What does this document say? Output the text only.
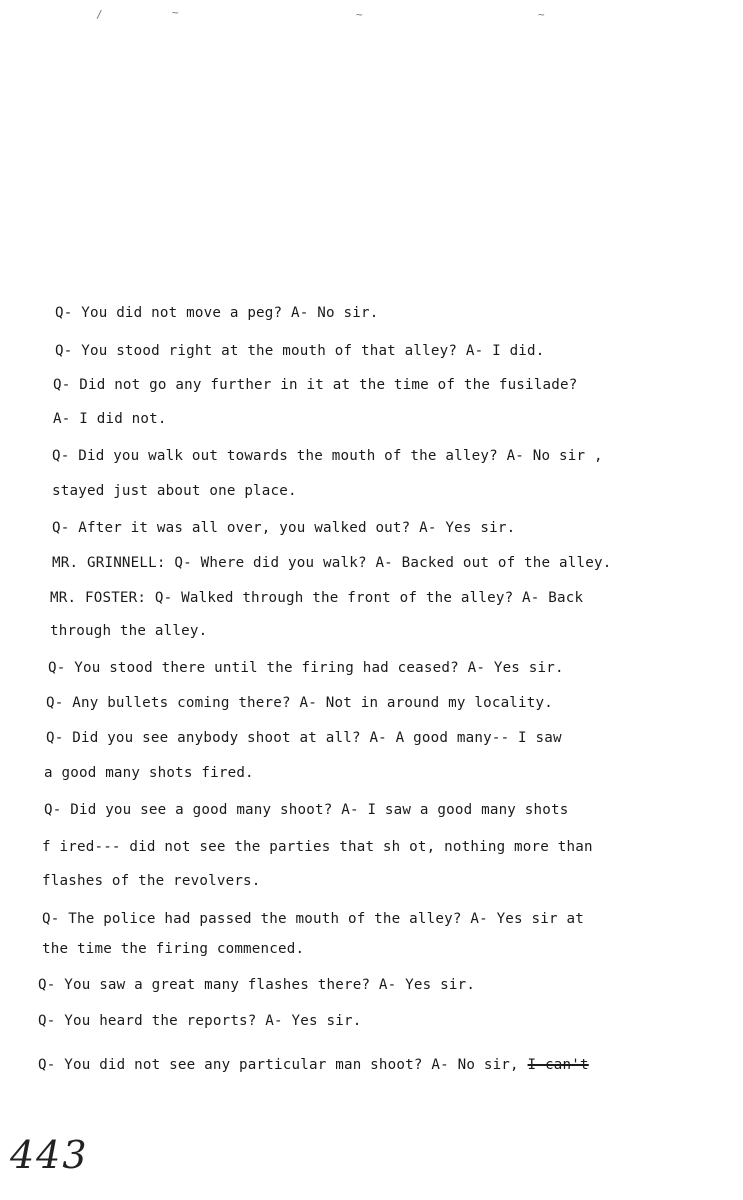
/	~	~	~
Q- You did not move a peg? A- No sir.
Q- You stood right at the mouth of that alley? A- I did.
Q- Did not go any further in it at the time of the fusilade?
A- I did not.
Q- Did you walk out towards the mouth of the alley? A- No sir ,
stayed just about one place.
Q- After it was all over, you walked out? A- Yes sir.
MR. GRINNELL: Q- Where did you walk? A- Backed out of the alley.
MR. FOSTER: Q- Walked through the front of the alley? A- Back
through the alley.
Q- You stood there until the firing had ceased? A- Yes sir.
Q- Any bullets coming there? A- Not in around my locality.
Q- Did you see anybody shoot at all? A- A good many-- I saw
a good many shots fired.
Q- Did you see a good many shoot? A- I saw a good many shots
f ired--- did not see the parties that sh ot, nothing more than
flashes of the revolvers.
Q- The police had passed the mouth of the alley? A- Yes sir at
the time the firing commenced.
Q- You saw a great many flashes there? A- Yes sir.
Q- You heard the reports? A- Yes sir.
Q- You did not see any particular man shoot? A- No sir, I can't
443
